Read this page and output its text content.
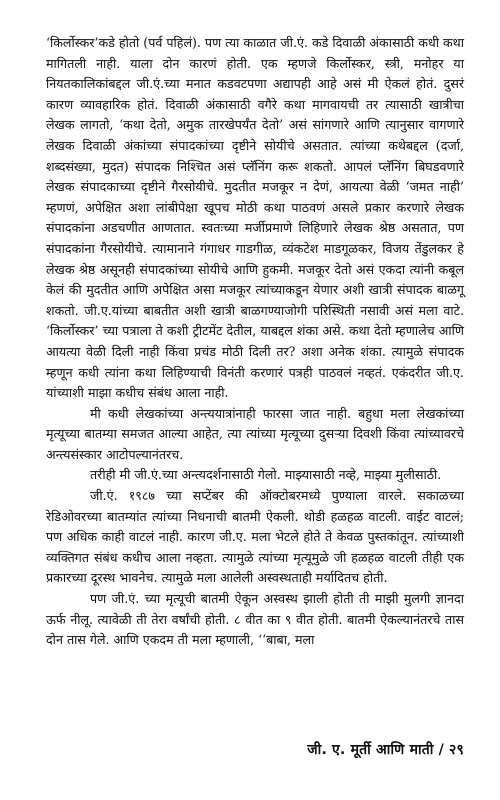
‘किर्लोस्कर’कडे होतो (पर्व पहिलं). पण त्या काळात जी.एं. कडे दिवाळी अंकासाठी कधी कथा मागितली नाही. याला दोन कारणं होती. एक म्हणजे किर्लोस्कर, स्त्री, मनोहर या नियतकालिकांबद्दल जी.एं.च्या मनात कडवटपणा अद्यापही आहे असं मी ऐकलं होतं. दुसरं कारण व्यावहारिक होतं. दिवाळी अंकासाठी वगैरे कथा मागवायची तर त्यासाठी खात्रीचा लेखक लागतो, ‘कथा देतो, अमुक तारखेपर्यंत देतो’ असं सांगणारे आणि त्यानुसार वागणारे लेखक दिवाळी अंकांच्या संपादकांच्या दृष्टीने सोयीचे असतात. त्यांच्या कथेबद्दल (दर्जा, शब्दसंख्या, मुदत) संपादक निश्चित असं प्लॅनिंग करू शकतो. आपलं प्लॅनिंग बिघडवणारे लेखक संपादकाच्या दृष्टीने गैरसोयीचे. मुदतीत मजकूर न देणं, आयत्या वेळी ‘जमत नाही’ म्हणणं, अपेक्षित अशा लांबीपेक्षा खूपच मोठी कथा पाठवणं असले प्रकार करणारे लेखक संपादकांना अडचणीत आणतात. स्वतःच्या मर्जीप्रमाणे लिहिणारे लेखक श्रेष्ठ असतात, पण संपादकांना गैरसोयीचे. त्यामानाने गंगाधर गाडगीळ, व्यंकटेश माडगूळकर, विजय तेंडुलकर हे लेखक श्रेष्ठ असूनही संपादकांच्या सोयीचे आणि हुकमी. मजकूर देतो असं एकदा त्यांनी कबूल केलं की मुदतीत आणि अपेक्षित असा मजकूर त्यांच्याकडून येणार अशी खात्री संपादक बाळगू शकतो. जी.ए.यांच्या बाबतीत अशी खात्री बाळगण्याजोगी परिस्थिती नसावी असं मला वाटे. ‘किर्लोस्कर’ च्या पत्राला ते कशी ट्रीटमेंट देतील, याबद्दल शंका असे. कथा देतो म्हणालेच आणि आयत्या वेळी दिली नाही किंवा प्रचंड मोठी दिली तर? अशा अनेक शंका. त्यामुळे संपादक म्हणून कधी त्यांना कथा लिहिण्याची विनंती करणारं पत्रही पाठवलं नव्हतं. एकंदरीत जी.ए. यांच्याशी माझा कधीच संबंध आला नाही.

मी कधी लेखकांच्या अन्त्ययात्रांनाही फारसा जात नाही. बहुधा मला लेखकांच्या मृत्यूच्या बातम्या समजत आल्या आहेत, त्या त्यांच्या मृत्यूच्या दुसऱ्या दिवशी किंवा त्यांच्यावरचे अन्त्यसंस्कार आटोपल्यानंतरच.

तरीही मी जी.एं.च्या अन्त्यदर्शनासाठी गेलो. माझ्यासाठी नव्हे, माझ्या मुलीसाठी.

जी.एं. १९८७ च्या सप्टेंबर की ऑक्टोबरमध्ये पुण्याला वारले. सकाळच्या रेडिओवरच्या बातम्यांत त्यांच्या निधनाची बातमी ऐकली. थोडी हळहळ वाटली. वाईट वाटलं; पण अधिक काही वाटलं नाही. कारण जी.ए. मला भेटले होते ते केवळ पुस्तकांतून. त्यांच्याशी व्यक्तिगत संबंध कधीच आला नव्हता. त्यामुळे त्यांच्या मृत्यूमुळे जी हळहळ वाटली तीही एक प्रकारच्या दूरस्थ भावनेच. त्यामुळे मला आलेली अस्वस्थताही मर्यादितच होती.

पण जी.एं. च्या मृत्यूची बातमी ऐकून अस्वस्थ झाली होती ती माझी मुलगी ज्ञानदा ऊर्फ नीलू. त्यावेळी ती तेरा वर्षांची होती. ८ वीत का ९ वीत होती. बातमी ऐकल्यानंतरचे तास दोन तास गेले. आणि एकदम ती मला म्हणाली, ‘‘बाबा, मला

जी. ए. मूर्ती आणि माती / २९
